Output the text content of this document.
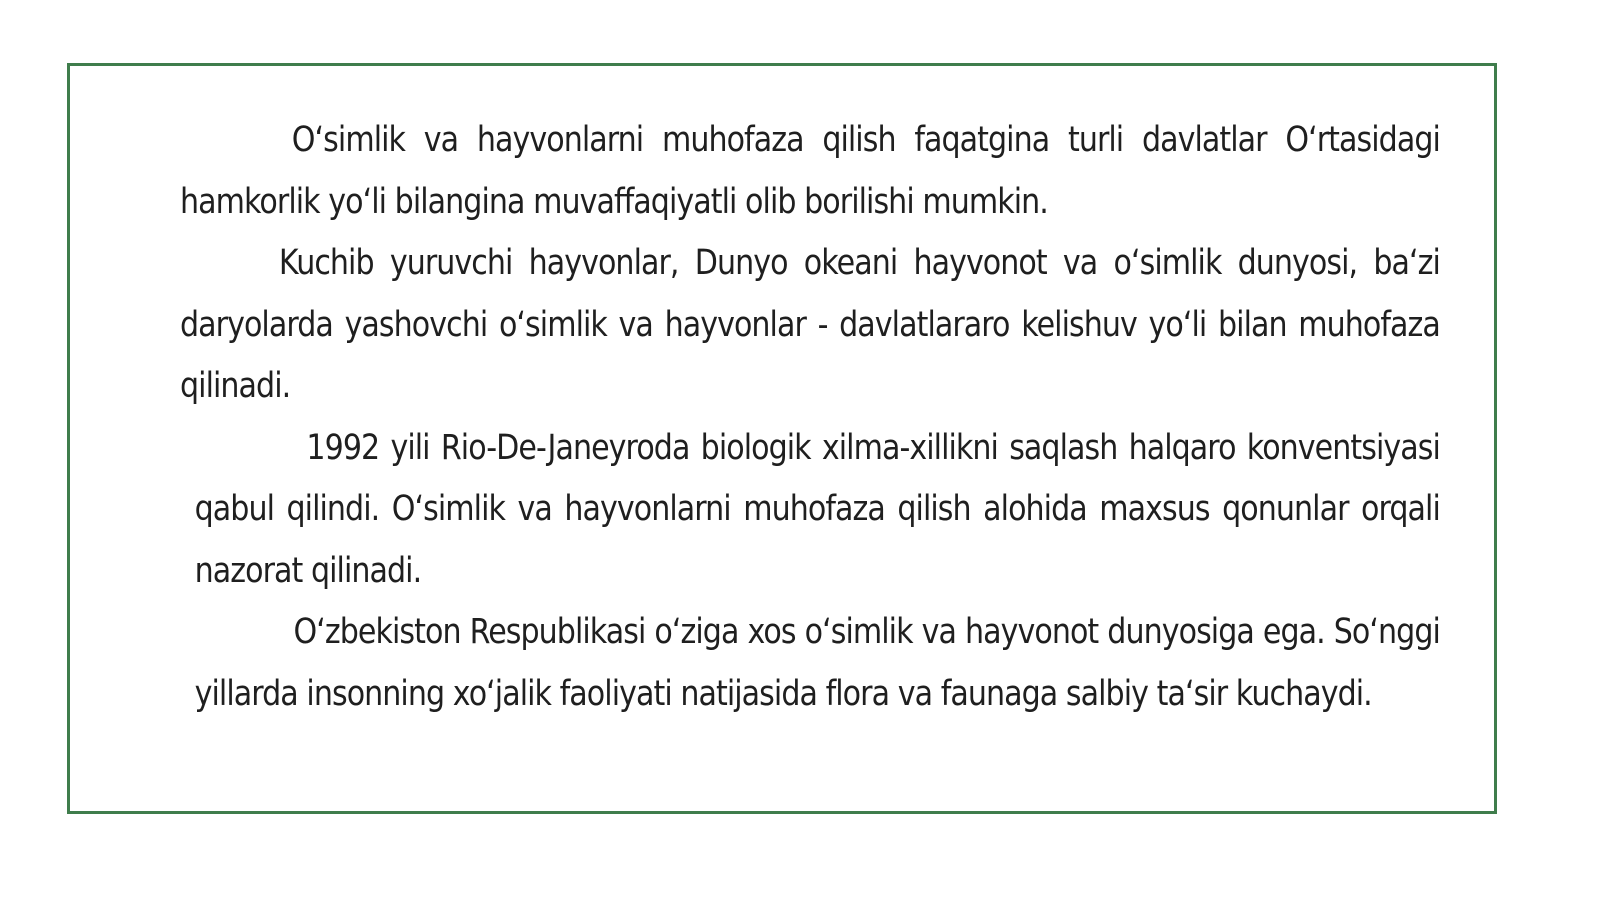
O‘simlik va hayvonlarni muhofaza qilish faqatgina turli davlatlar O‘rtasidagi hamkorlik yo‘li bilangina muvaffaqiyatli olib borilishi mumkin.

Kuchib yuruvchi hayvonlar, Dunyo okeani hayvonot va o‘simlik dunyosi, ba‘zi daryolarda yashovchi o‘simlik va hayvonlar - davlatlararo kelishuv yo‘li bilan muhofaza qilinadi.

1992 yili Rio-De-Janeyroda biologik xilma-xillikni saqlash halqaro konventsiyasi qabul qilindi. O‘simlik va hayvonlarni muhofaza qilish alohida maxsus qonunlar orqali nazorat qilinadi.

O‘zbekiston Respublikasi o‘ziga xos o‘simlik va hayvonot dunyosiga ega. So‘nggi yillarda insonning xo‘jalik faoliyati natijasida flora va faunaga salbiy ta‘sir kuchaydi.
